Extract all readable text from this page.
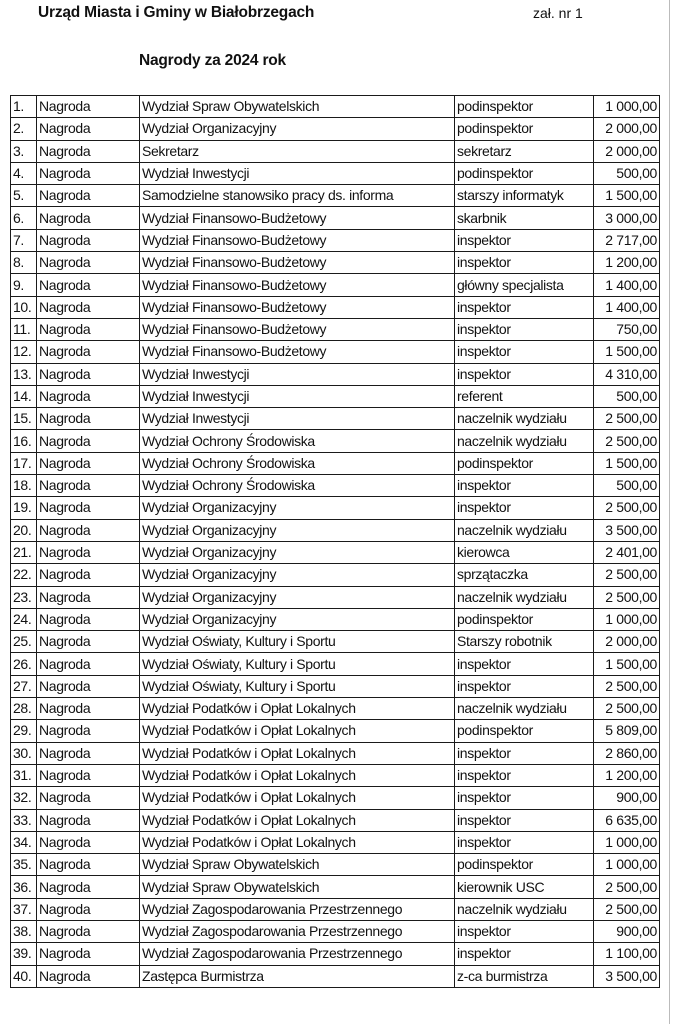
Urząd Miasta i Gminy w Białobrzegach	zał. nr 1
Nagrody za 2024 rok
1.	Nagroda	Wydział Spraw Obywatelskich	podinspektor	1 000,00
2.	Nagroda	Wydział Organizacyjny	podinspektor	2 000,00
3.	Nagroda	Sekretarz	sekretarz	2 000,00
4.	Nagroda	Wydział Inwestycji	podinspektor	500,00
5.	Nagroda	Samodzielne stanowsiko pracy ds. informa	starszy informatyk	1 500,00
6.	Nagroda	Wydział Finansowo-Budżetowy	skarbnik	3 000,00
7.	Nagroda	Wydział Finansowo-Budżetowy	inspektor	2 717,00
8.	Nagroda	Wydział Finansowo-Budżetowy	inspektor	1 200,00
9.	Nagroda	Wydział Finansowo-Budżetowy	główny specjalista	1 400,00
10.	Nagroda	Wydział Finansowo-Budżetowy	inspektor	1 400,00
11.	Nagroda	Wydział Finansowo-Budżetowy	inspektor	750,00
12.	Nagroda	Wydział Finansowo-Budżetowy	inspektor	1 500,00
13.	Nagroda	Wydział Inwestycji	inspektor	4 310,00
14.	Nagroda	Wydział Inwestycji	referent	500,00
15.	Nagroda	Wydział Inwestycji	naczelnik wydziału	2 500,00
16.	Nagroda	Wydział Ochrony Środowiska	naczelnik wydziału	2 500,00
17.	Nagroda	Wydział Ochrony Środowiska	podinspektor	1 500,00
18.	Nagroda	Wydział Ochrony Środowiska	inspektor	500,00
19.	Nagroda	Wydział Organizacyjny	inspektor	2 500,00
20.	Nagroda	Wydział Organizacyjny	naczelnik wydziału	3 500,00
21.	Nagroda	Wydział Organizacyjny	kierowca	2 401,00
22.	Nagroda	Wydział Organizacyjny	sprzątaczka	2 500,00
23.	Nagroda	Wydział Organizacyjny	naczelnik wydziału	2 500,00
24.	Nagroda	Wydział Organizacyjny	podinspektor	1 000,00
25.	Nagroda	Wydział Oświaty, Kultury i Sportu	Starszy robotnik	2 000,00
26.	Nagroda	Wydział Oświaty, Kultury i Sportu	inspektor	1 500,00
27.	Nagroda	Wydział Oświaty, Kultury i Sportu	inspektor	2 500,00
28.	Nagroda	Wydział Podatków i Opłat Lokalnych	naczelnik wydziału	2 500,00
29.	Nagroda	Wydział Podatków i Opłat Lokalnych	podinspektor	5 809,00
30.	Nagroda	Wydział Podatków i Opłat Lokalnych	inspektor	2 860,00
31.	Nagroda	Wydział Podatków i Opłat Lokalnych	inspektor	1 200,00
32.	Nagroda	Wydział Podatków i Opłat Lokalnych	inspektor	900,00
33.	Nagroda	Wydział Podatków i Opłat Lokalnych	inspektor	6 635,00
34.	Nagroda	Wydział Podatków i Opłat Lokalnych	inspektor	1 000,00
35.	Nagroda	Wydział Spraw Obywatelskich	podinspektor	1 000,00
36.	Nagroda	Wydział Spraw Obywatelskich	kierownik USC	2 500,00
37.	Nagroda	Wydział Zagospodarowania Przestrzennego	naczelnik wydziału	2 500,00
38.	Nagroda	Wydział Zagospodarowania Przestrzennego	inspektor	900,00
39.	Nagroda	Wydział Zagospodarowania Przestrzennego	inspektor	1 100,00
40.	Nagroda	Zastępca Burmistrza	z-ca burmistrza	3 500,00
